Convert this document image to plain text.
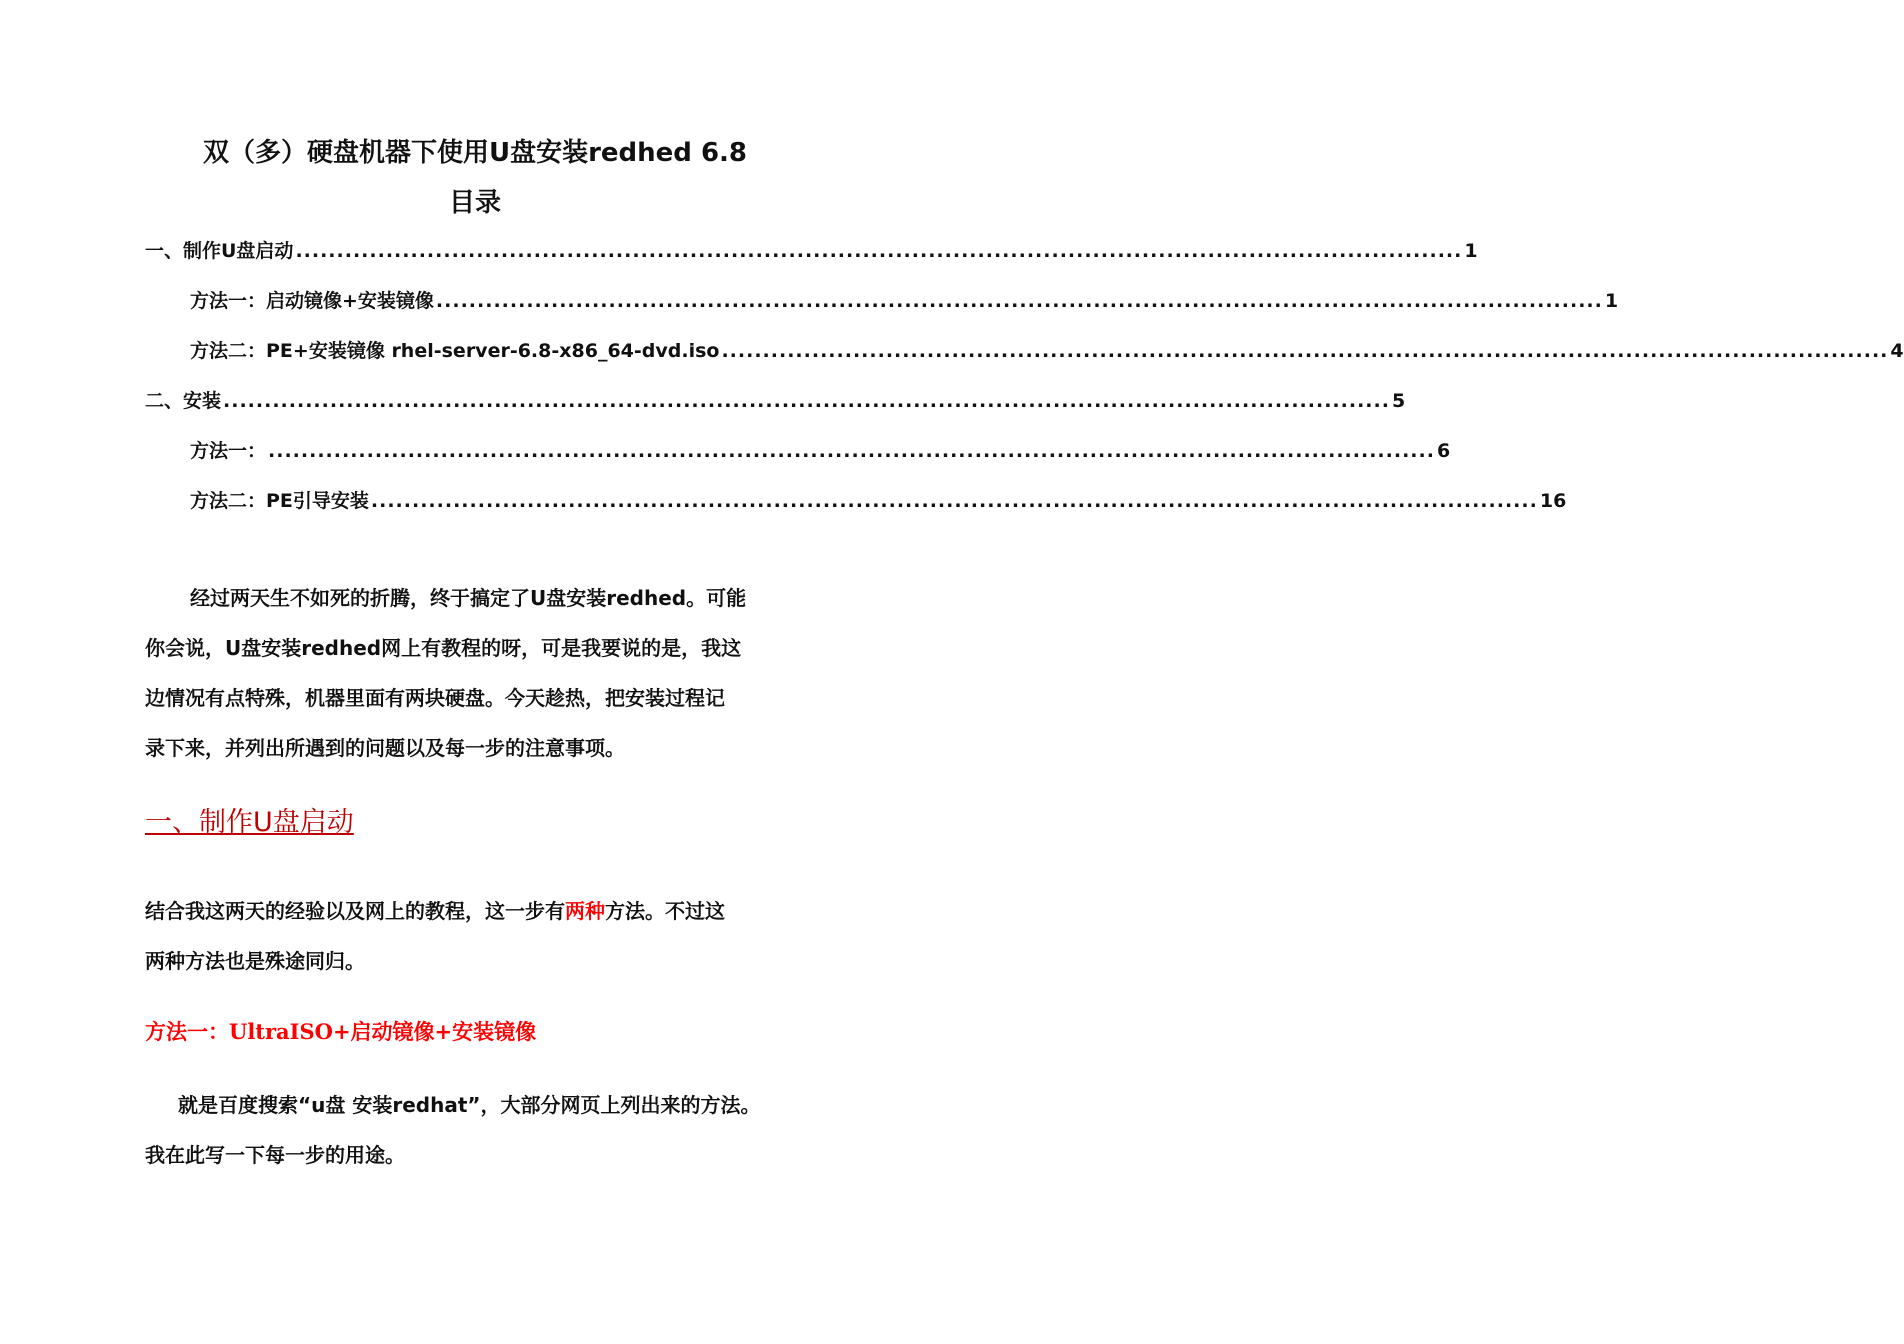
双（多）硬盘机器下使用U盘安装redhed 6.8
目录
一、制作U盘启动 .............................................................................................................................................. 1
方法一：启动镜像+安装镜像 .............................................................................................................................................. 1
方法二：PE+安装镜像 rhel-server-6.8-x86_64-dvd.iso .............................................................................................................................................. 4
二、安装 .............................................................................................................................................. 5
方法一： .............................................................................................................................................. 6
方法二：PE引导安装 .............................................................................................................................................. 16
经过两天生不如死的折腾，终于搞定了U盘安装redhed。可能
你会说，U盘安装redhed网上有教程的呀，可是我要说的是，我这
边情况有点特殊，机器里面有两块硬盘。今天趁热，把安装过程记
录下来，并列出所遇到的问题以及每一步的注意事项。
一、制作U盘启动
结合我这两天的经验以及网上的教程，这一步有两种方法。不过这
两种方法也是殊途同归。
方法一：UltraISO+启动镜像+安装镜像
就是百度搜索“u盘 安装redhat”，大部分网页上列出来的方法。
我在此写一下每一步的用途。
